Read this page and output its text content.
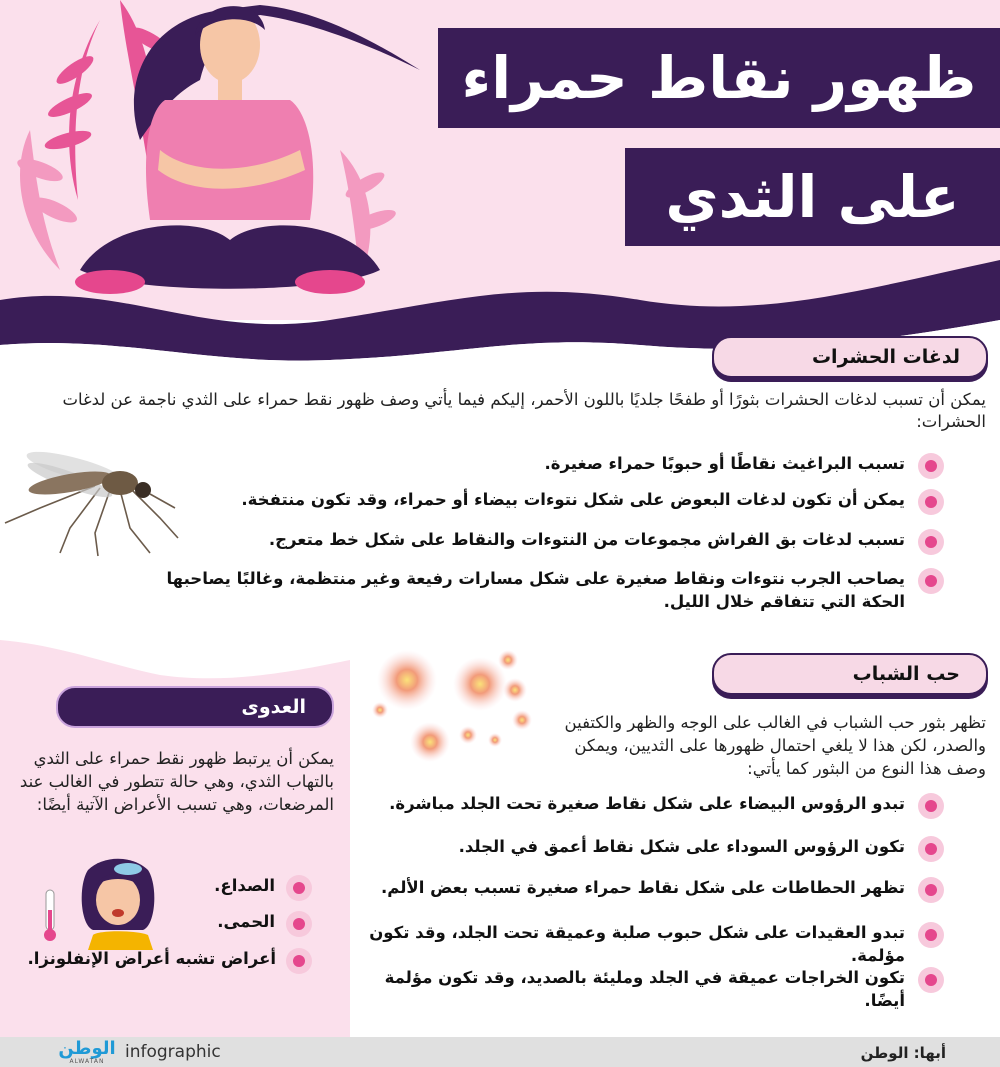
ظهور نقاط حمراء
على الثدي
لدغات الحشرات
يمكن أن تسبب لدغات الحشرات بثورًا أو طفحًا جلديًا باللون الأحمر، إليكم فيما يأتي وصف ظهور نقط حمراء على الثدي ناجمة عن لدغات الحشرات:
تسبب البراغيث نقاطًا أو حبوبًا حمراء صغيرة.
يمكن أن تكون لدغات البعوض على شكل نتوءات بيضاء أو حمراء، وقد تكون منتفخة.
تسبب لدغات بق الفراش مجموعات من النتوءات والنقاط على شكل خط متعرج.
يصاحب الجرب نتوءات ونقاط صغيرة على شكل مسارات رفيعة وغير منتظمة، وغالبًا يصاحبها الحكة التي تتفاقم خلال الليل.
حب الشباب
تظهر بثور حب الشباب في الغالب على الوجه والظهر والكتفين والصدر، لكن هذا لا يلغي احتمال ظهورها على الثديين، ويمكن وصف هذا النوع من البثور كما يأتي:
تبدو الرؤوس البيضاء على شكل نقاط صغيرة تحت الجلد مباشرة.
تكون الرؤوس السوداء على شكل نقاط أعمق في الجلد.
تظهر الحطاطات على شكل نقاط حمراء صغيرة تسبب بعض الألم.
تبدو العقيدات على شكل حبوب صلبة وعميقة تحت الجلد، وقد تكون مؤلمة.
تكون الخراجات عميقة في الجلد ومليئة بالصديد، وقد تكون مؤلمة أيضًا.
العدوى
يمكن أن يرتبط ظهور نقط حمراء على الثدي بالتهاب الثدي، وهي حالة تتطور في الغالب عند المرضعات، وهي تسبب الأعراض الآتية أيضًا:
الصداع.
الحمى.
أعراض تشبه أعراض الإنفلونزا.
الوطن
ALWATAN	infographic	أبها: الوطن
